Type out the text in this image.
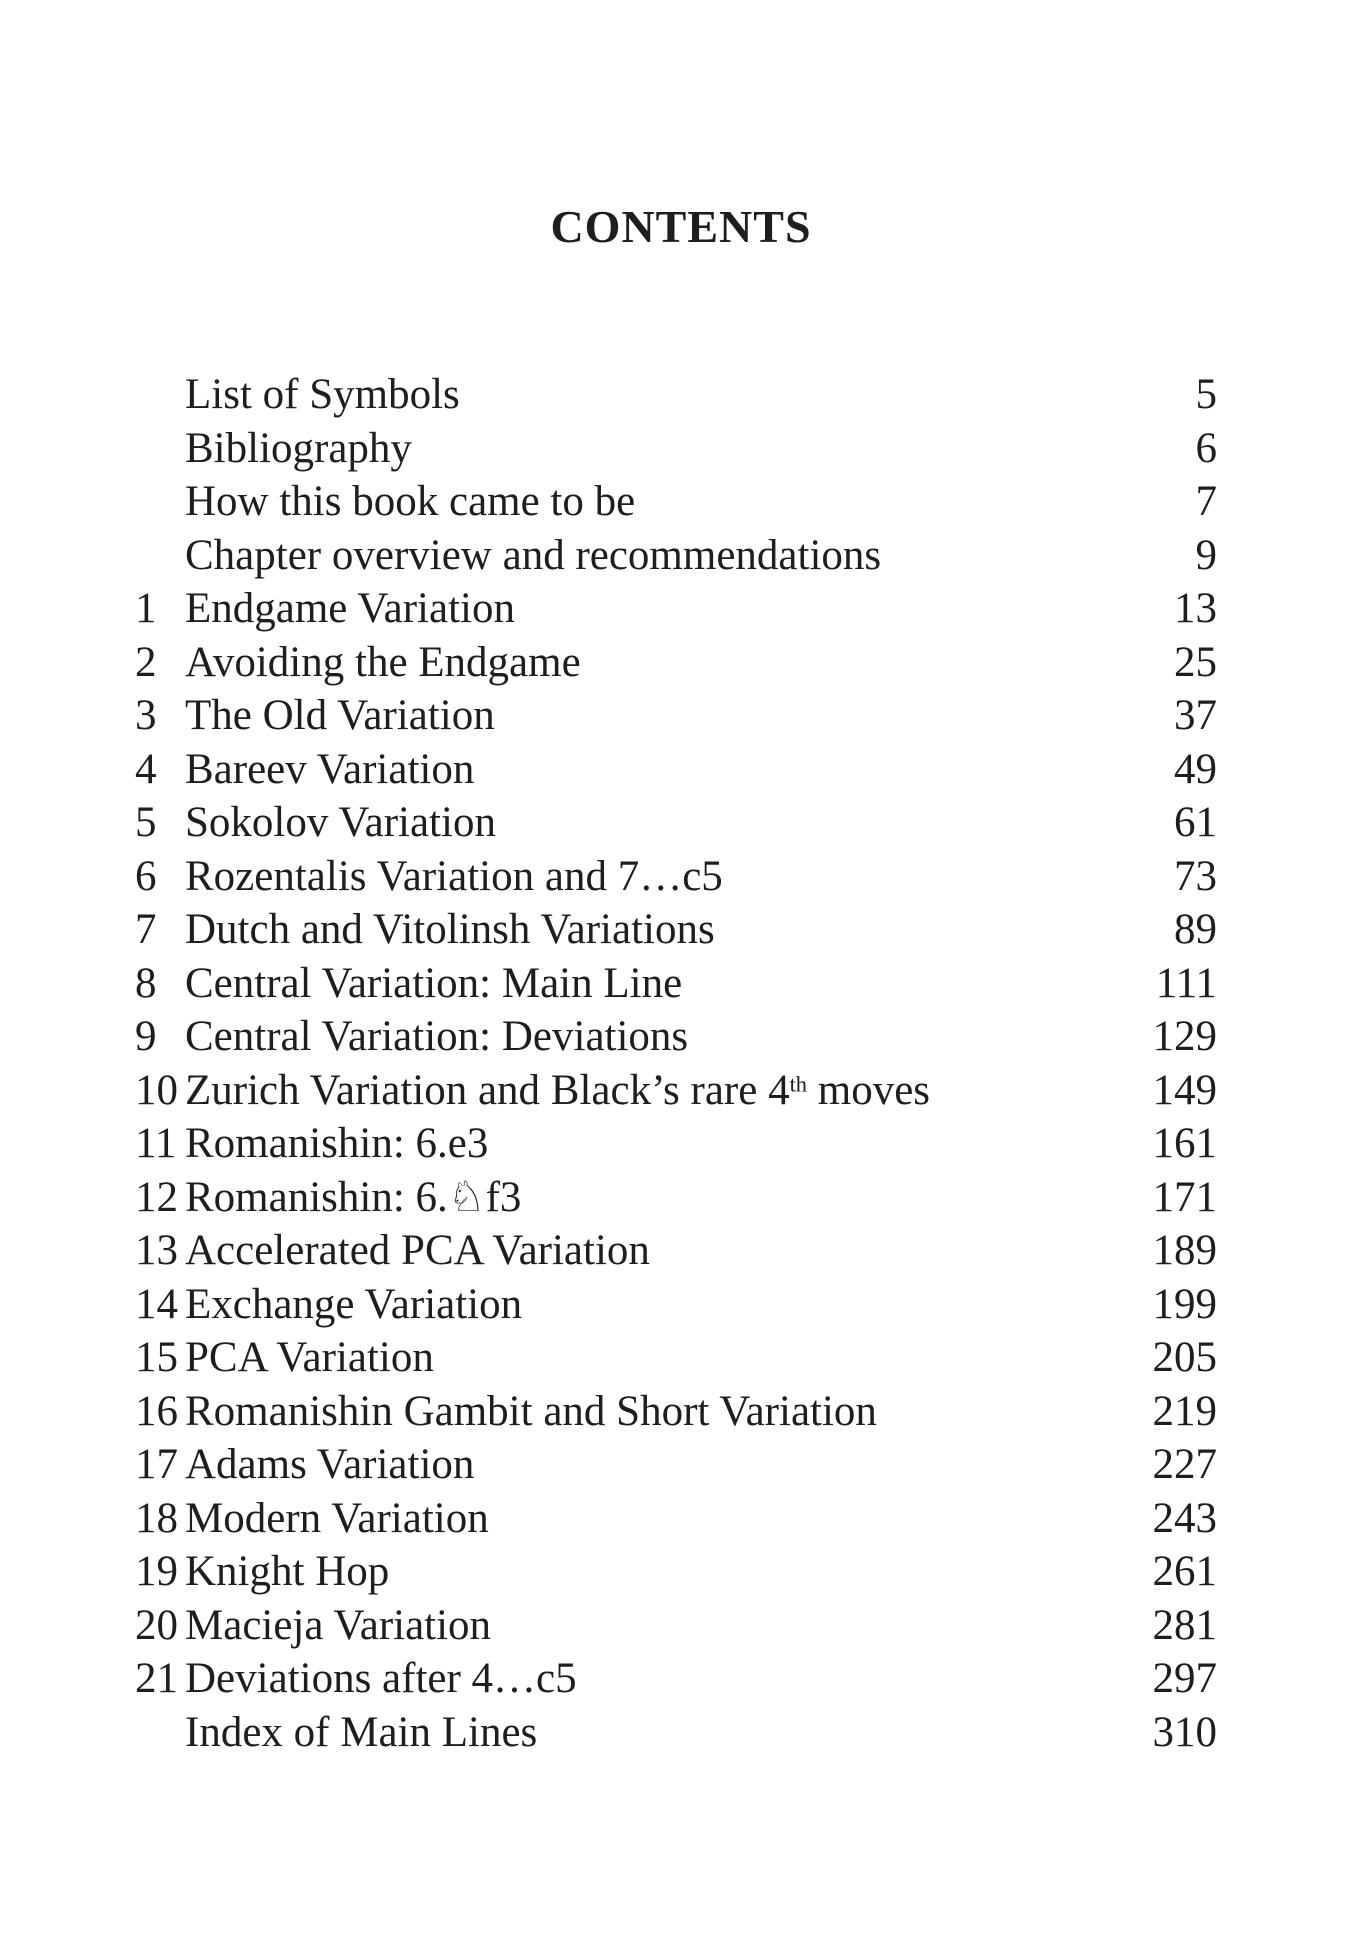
CONTENTS
List of Symbols	5
Bibliography	6
How this book came to be	7
Chapter overview and recommendations	9
1 Endgame Variation	13
2 Avoiding the Endgame	25
3 The Old Variation	37
4 Bareev Variation	49
5 Sokolov Variation	61
6 Rozentalis Variation and 7…c5	73
7 Dutch and Vitolinsh Variations	89
8 Central Variation: Main Line	111
9 Central Variation: Deviations	129
10 Zurich Variation and Black’s rare 4th moves	149
11 Romanishin: 6.e3	161
12 Romanishin: 6.♘f3	171
13 Accelerated PCA Variation	189
14 Exchange Variation	199
15 PCA Variation	205
16 Romanishin Gambit and Short Variation	219
17 Adams Variation	227
18 Modern Variation	243
19 Knight Hop	261
20 Macieja Variation	281
21 Deviations after 4…c5	297
Index of Main Lines	310
